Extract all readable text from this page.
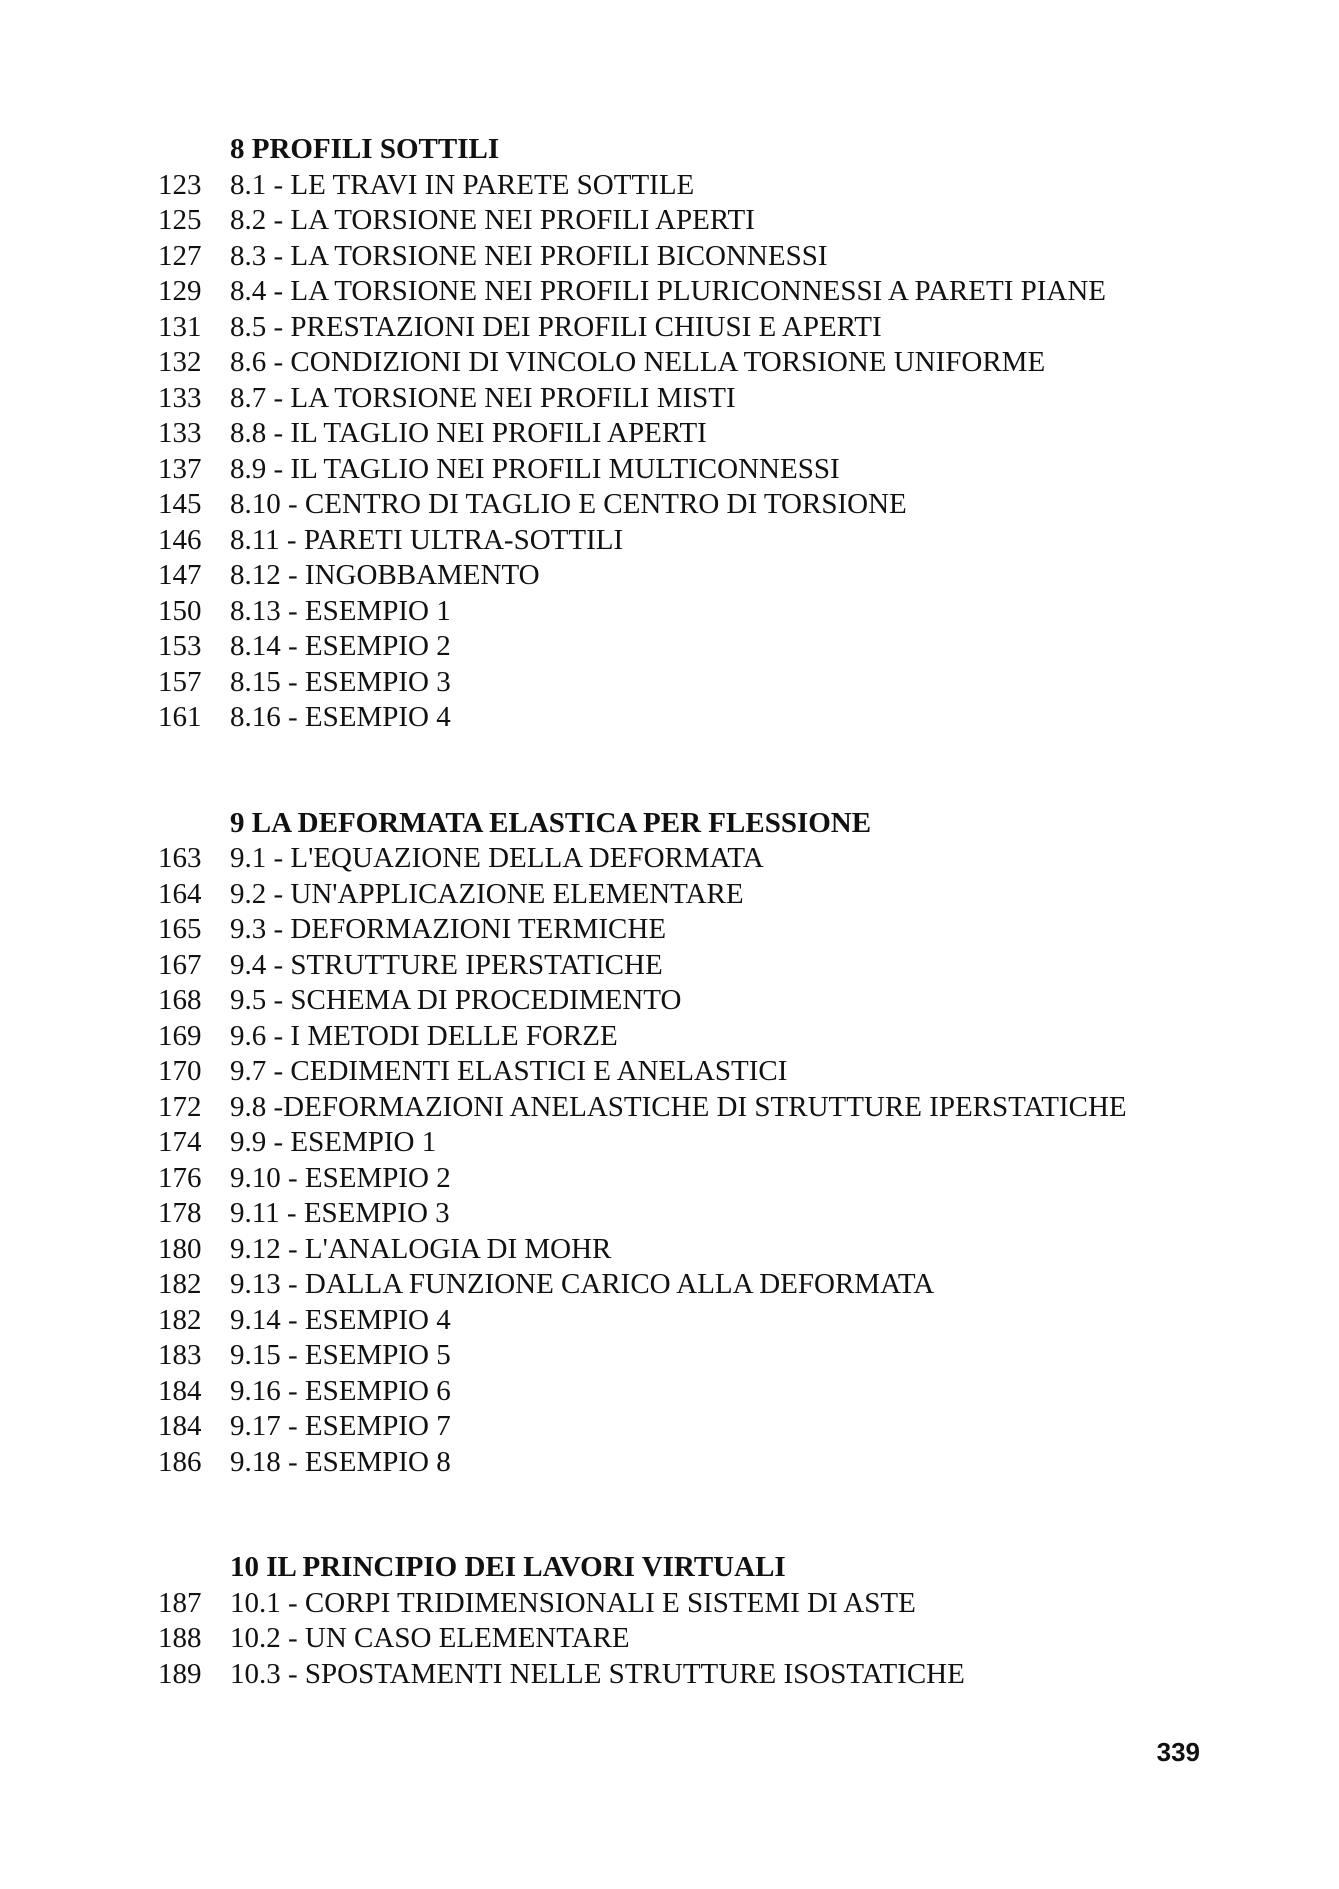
8 PROFILI SOTTILI
123 8.1 - LE TRAVI IN PARETE SOTTILE
125 8.2 - LA TORSIONE NEI PROFILI APERTI
127 8.3 - LA TORSIONE NEI PROFILI BICONNESSI
129 8.4 - LA TORSIONE NEI PROFILI PLURICONNESSI A PARETI PIANE
131 8.5 - PRESTAZIONI DEI PROFILI CHIUSI E APERTI
132 8.6 - CONDIZIONI DI VINCOLO NELLA TORSIONE UNIFORME
133 8.7 - LA TORSIONE NEI PROFILI MISTI
133 8.8 - IL TAGLIO NEI PROFILI APERTI
137 8.9 - IL TAGLIO NEI PROFILI MULTICONNESSI
145 8.10 - CENTRO DI TAGLIO E CENTRO DI TORSIONE
146 8.11 - PARETI ULTRA-SOTTILI
147 8.12 - INGOBBAMENTO
150 8.13 - ESEMPIO 1
153 8.14 - ESEMPIO 2
157 8.15 - ESEMPIO 3
161 8.16 - ESEMPIO 4
9 LA DEFORMATA ELASTICA PER FLESSIONE
163 9.1 - L'EQUAZIONE DELLA DEFORMATA
164 9.2 - UN'APPLICAZIONE ELEMENTARE
165 9.3 - DEFORMAZIONI TERMICHE
167 9.4 - STRUTTURE IPERSTATICHE
168 9.5 - SCHEMA DI PROCEDIMENTO
169 9.6 - I METODI DELLE FORZE
170 9.7 - CEDIMENTI ELASTICI E ANELASTICI
172 9.8 -DEFORMAZIONI ANELASTICHE DI STRUTTURE IPERSTATICHE
174 9.9 - ESEMPIO 1
176 9.10 - ESEMPIO 2
178 9.11 - ESEMPIO 3
180 9.12 - L'ANALOGIA DI MOHR
182 9.13 - DALLA FUNZIONE CARICO ALLA DEFORMATA
182 9.14 - ESEMPIO 4
183 9.15 - ESEMPIO 5
184 9.16 - ESEMPIO 6
184 9.17 - ESEMPIO 7
186 9.18 - ESEMPIO 8
10 IL PRINCIPIO DEI LAVORI VIRTUALI
187 10.1 - CORPI TRIDIMENSIONALI E SISTEMI DI ASTE
188 10.2 - UN CASO ELEMENTARE
189 10.3 - SPOSTAMENTI NELLE STRUTTURE ISOSTATICHE
339
